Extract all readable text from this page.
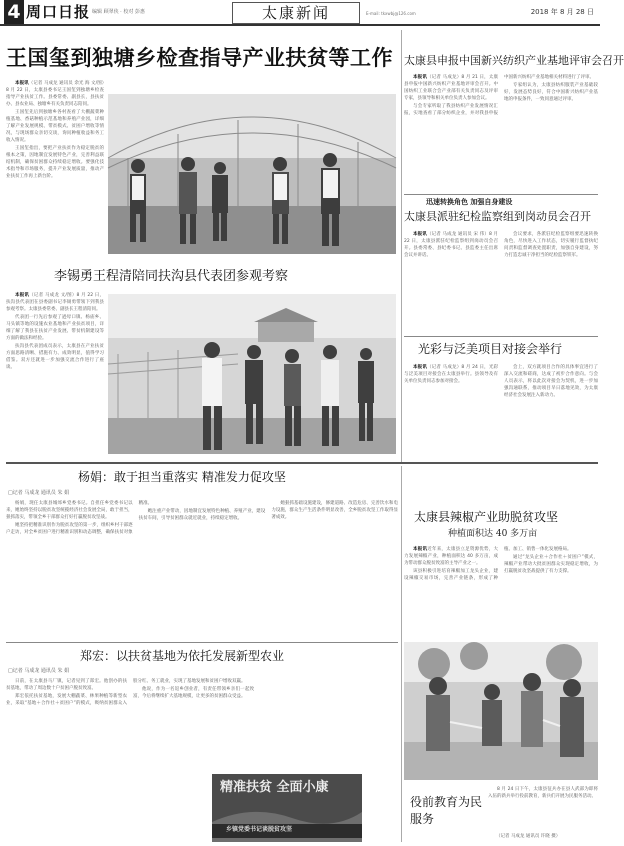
4 周口日报 编辑 顾翠侠 · 校对 彭惠	太康新闻	E-mail: tkxwbj@126.com	2018 年 8 月 28 日
王国玺到独塘乡检查指导产业扶贫等工作

本报讯（记者 马成龙 通讯员 余光 海 文/图）8 月 22 日，太康县委书记王国玺到独塘乡检查指导产业扶贫工作。县委常委、副县长，县扶贫办、县农业局、独塘乡有关负责同志陪同。

王国玺先后到独塘乡各村查看了大棚蔬菜种植基地、香菇种植示范基地和养殖产业园，详细了解产业发展规模、带贫模式、贫困户增收等情况，与现场群众亲切交谈，询问种植收益和务工收入情况。

王国玺指出，要把产业扶贫作为稳定脱贫的根本之策，因地制宜发展特色产业，完善利益联结机制，确保贫困群众持续稳定增收。要强化技术指导和市场服务，提升产业发展质量，推动产业扶贫工作再上新台阶。

李锡勇王程清陪同扶沟县代表团参观考察

本报讯（记者 马成龙 文/图）8 月 22 日，扶沟县代表团在县委副书记李锡勇带领下到我县参观考察。太康县委常委、副县长王程清陪同。

代表团一行先后参观了逊母口镇、杨庙乡、马头镇等地的设施农业基地和产业扶贫项目，详细了解了我县在扶贫产业发展、带贫机制建设等方面的做法和经验。

扶沟县代表团成员表示，太康县在产业扶贫方面思路清晰、措施有力、成效明显，值得学习借鉴。双方还就进一步加强交流合作进行了座谈。

太康县申报中国新兴纺织产业基地评审会召开

本报讯（记者 马成龙）8 月 21 日，太康县申报中国新兴纺织产业基地评审会召开。中国纺织工业联合会产业部有关负责同志及评审专家，县领导和相关单位负责人参加会议。

与会专家听取了我县纺织产业发展情况汇报，实地查看了部分纺织企业，并对我县申报中国新兴纺织产业基地相关材料进行了评审。

专家组认为，太康县纺织服装产业基础较好，发展态势良好，符合中国新兴纺织产业基地的申报条件，一致同意通过评审。

迅速转换角色 加强自身建设
太康县派驻纪检监察组到岗动员会召开

本报讯（记者 马成龙 通讯员 宋 伟）8 月 22 日，太康县派驻纪检监察组到岗动员会召开。县委常委、县纪委书记、县监委主任出席会议并讲话。

会议要求，各派驻纪检监察组要迅速转换角色，尽快进入工作状态，切实履行监督执纪问责和监督调查处置职责，加强自身建设，努力打造忠诚干净担当的纪检监察铁军。

光彩与泛美项目对接会举行

本报讯（记者 马成龙）8 月 24 日，光彩与泛美项目对接会在太康县举行。县领导及有关单位负责同志参加对接会。

会上，双方就项目合作的具体事宜进行了深入交流和磋商，达成了初步合作意向。与会人员表示，将以此次对接会为契机，进一步加强沟通联系，推动项目早日落地见效，为太康经济社会发展注入新动力。

杨娟：敢于担当重落实 精准发力促攻坚
□记者 马成龙 通讯员 朱 娟

杨娟，现任太康县城郊乡党委书记。自担任乡党委书记以来，她始终坚持以脱贫攻坚统揽经济社会发展全局，敢于担当，狠抓落实，带领全乡干部群众打好打赢脱贫攻坚战。

她坚持把精准识别作为脱贫攻坚的第一步，组织乡村干部逐户走访，对全乡贫困户进行精准识别和动态调整，确保扶贫对象精准。

她注重产业带动，因地制宜发展特色种植、养殖产业，建设扶贫车间，引导贫困群众就近就业，持续稳定增收。

她狠抓基础设施建设，修建道路、改造危房、完善饮水和电力设施，群众生产生活条件明显改善，全乡脱贫攻坚工作取得显著成效。	太康县辣椒产业助脱贫攻坚
种植面积达 40 多万亩

本报讯近年来，太康县立足资源优势，大力发展辣椒产业，种植面积达 40 多万亩，成为带动群众脱贫致富的主导产业之一。

该县积极引进培育辣椒加工龙头企业，建设辣椒交易市场，完善产业链条，形成了种植、加工、销售一体化发展格局。

通过“龙头企业＋合作社＋贫困户”模式，辣椒产业带动大批贫困群众实现稳定增收，为打赢脱贫攻坚战提供了有力支撑。

郑宏：以扶贫基地为依托发展新型农业
□记者 马成龙 通讯员 朱 娟

日前，在太康县马厂镇，记者见到了郑宏。他创办的扶贫基地，带动了周边数十户贫困户脱贫致富。

郑宏依托扶贫基地，发展大棚蔬菜、林果种植等新型农业，采取“基地＋合作社＋贫困户”的模式，吸纳贫困群众入股分红、务工就业，实现了基地发展和贫困户增收双赢。

他说，作为一名返乡创业者，有责任带领乡亲们一起致富，今后将继续扩大基地规模，让更多的贫困群众受益。

精准扶贫 全面小康
乡镇党委书记谈脱贫攻坚
役前教育为民服务

8 月 24 日下午，太康县征兵办在县人武部为即将入伍的新兵举行役前教育，新兵们开展为民服务活动。

（记者 马成龙 通讯员 许晓 摄）
